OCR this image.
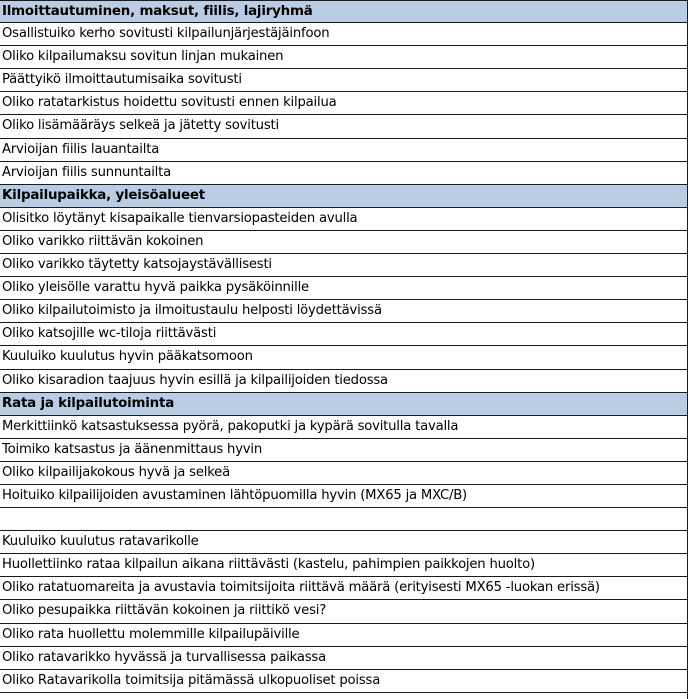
Ilmoittautuminen, maksut, fiilis, lajiryhmä
Osallistuiko kerho sovitusti kilpailunjärjestäjäinfoon
Oliko kilpailumaksu sovitun linjan mukainen
Päättyikö ilmoittautumisaika sovitusti
Oliko ratatarkistus hoidettu sovitusti ennen kilpailua
Oliko lisämääräys selkeä ja jätetty sovitusti
Arvioijan fiilis lauantailta
Arvioijan fiilis sunnuntailta
Kilpailupaikka, yleisöalueet
Olisitko löytänyt kisapaikalle tienvarsiopasteiden avulla
Oliko varikko riittävän kokoinen
Oliko varikko täytetty katsojaystävällisesti
Oliko yleisölle varattu hyvä paikka pysäköinnille
Oliko kilpailutoimisto ja ilmoitustaulu helposti löydettävissä
Oliko katsojille wc-tiloja riittävästi
Kuuluiko kuulutus hyvin pääkatsomoon
Oliko kisaradion taajuus hyvin esillä ja kilpailijoiden tiedossa
Rata ja kilpailutoiminta
Merkittiinkö katsastuksessa pyörä, pakoputki ja kypärä sovitulla tavalla
Toimiko katsastus ja äänenmittaus hyvin
Oliko kilpailijakokous hyvä ja selkeä
Hoituiko kilpailijoiden avustaminen lähtöpuomilla hyvin (MX65 ja MXC/B)
Kuuluiko kuulutus ratavarikolle
Huollettiinko rataa kilpailun aikana riittävästi (kastelu, pahimpien paikkojen huolto)
Oliko ratatuomareita ja avustavia toimitsijoita riittävä määrä (erityisesti MX65 -luokan erissä)
Oliko pesupaikka riittävän kokoinen ja riittikö vesi?
Oliko rata huollettu molemmille kilpailupäiville
Oliko ratavarikko hyvässä ja turvallisessa paikassa
Oliko Ratavarikolla toimitsija pitämässä ulkopuoliset poissa
